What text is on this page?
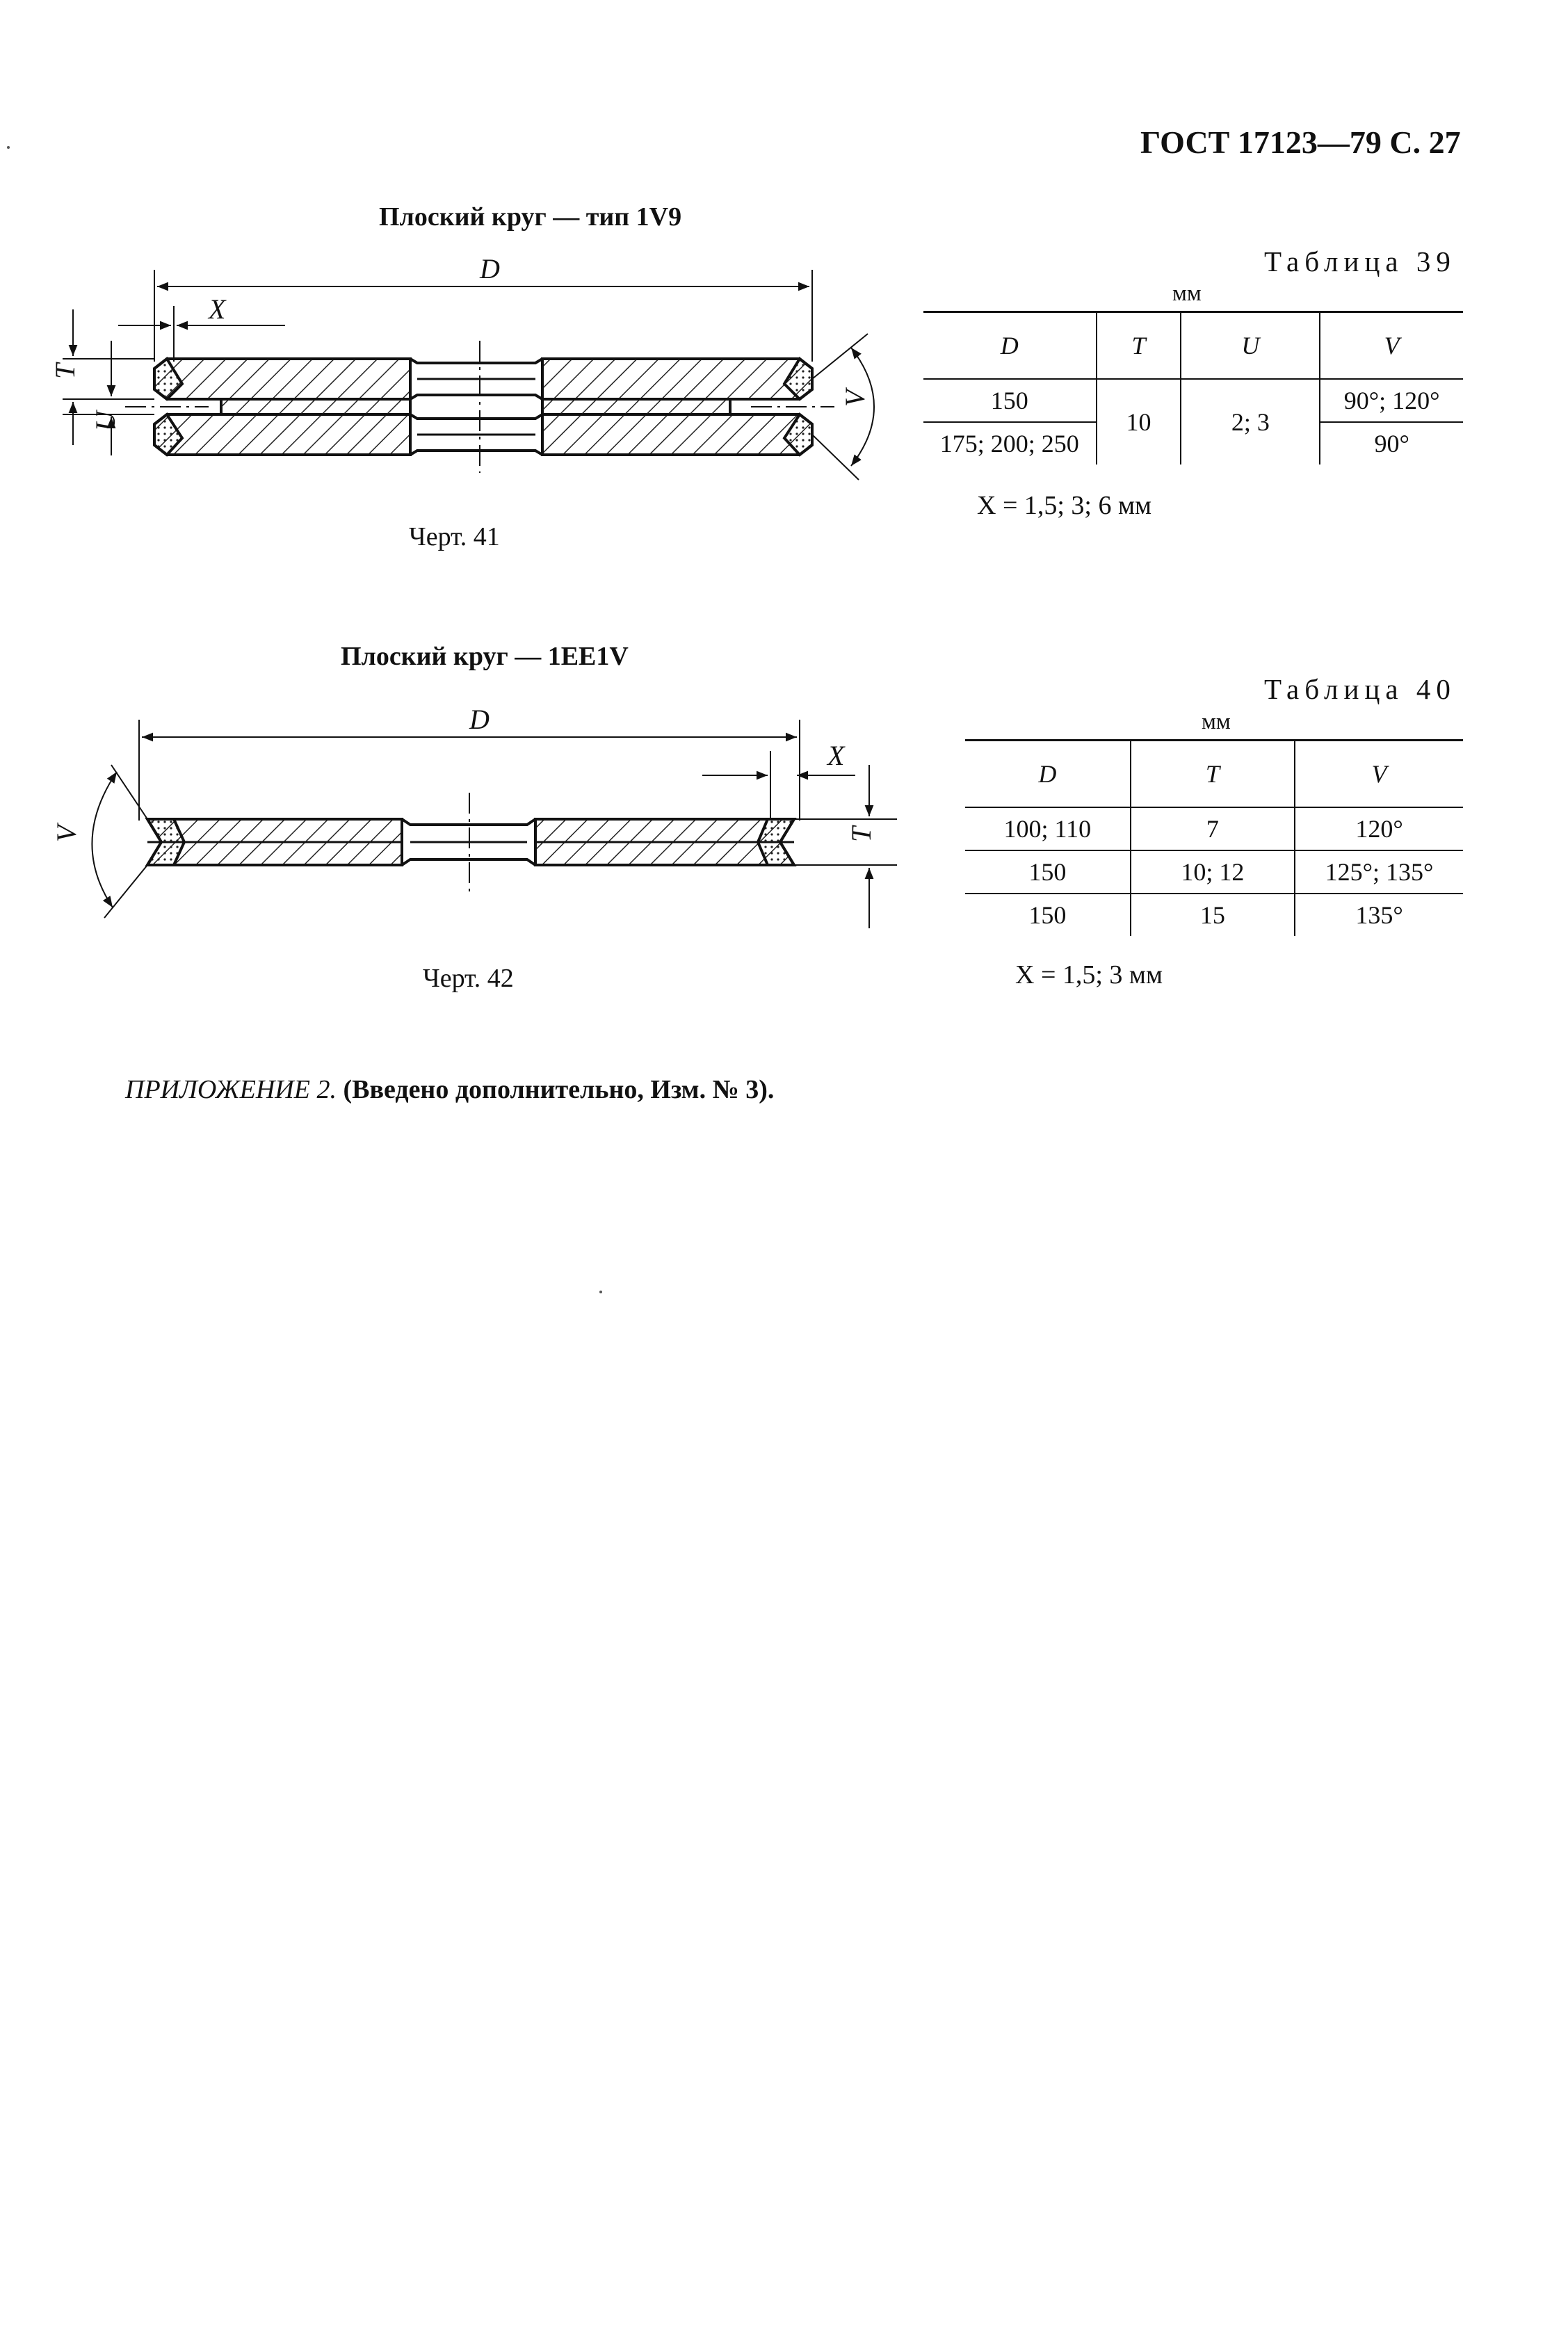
ГОСТ 17123—79 С. 27
Плоский круг — тип 1V9
Черт. 41
Таблица 39
мм
D	T	U	V
150	10	2; 3	90°; 120°
175; 200; 250			90°
X = 1,5; 3; 6 мм
Плоский круг — 1EE1V
Черт. 42
Таблица 40
мм
D	T	V
100; 110	7	120°
150	10; 12	125°; 135°
150	15	135°
X = 1,5; 3 мм
ПРИЛОЖЕНИЕ 2. (Введено дополнительно, Изм. № 3).
D
X
T
U
V
D
X
T
V
